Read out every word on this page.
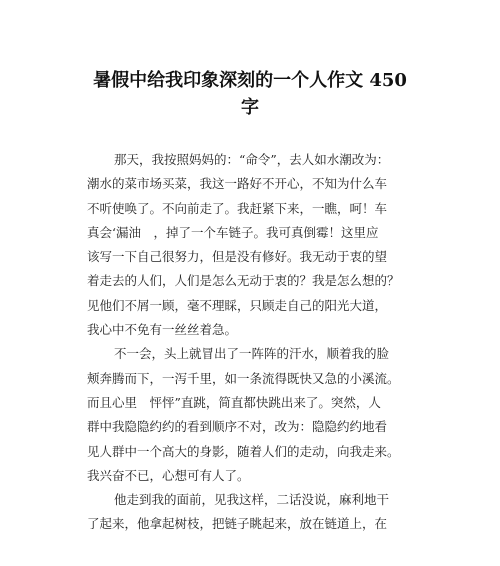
暑假中给我印象深刻的一个人作文 450
字
那天，我按照妈妈的：“命令”，去人如水潮改为：
潮水的菜市场买菜，我这一路好不开心，不知为什么车
不听使唤了。不向前走了。我赶紧下来，一瞧，呵！车
真会‘漏油　，掉了一个车链子。我可真倒霉！这里应
该写一下自己很努力，但是没有修好。我无动于衷的望
着走去的人们，人们是怎么无动于衷的？我是怎么想的？
见他们不屑一顾，毫不理睬，只顾走自己的阳光大道，
我心中不免有一丝丝着急。
不一会，头上就冒出了一阵阵的汗水，顺着我的脸
颊奔腾而下，一泻千里，如一条流得既快又急的小溪流。
而且心里　怦怦”直跳，简直都快跳出来了。突然，人
群中我隐隐约约的看到顺序不对，改为：隐隐约约地看
见人群中一个高大的身影，随着人们的走动，向我走来。
我兴奋不已，心想可有人了。
他走到我的面前，见我这样，二话没说，麻利地干
了起来，他拿起树枝，把链子眺起来，放在链道上，在
